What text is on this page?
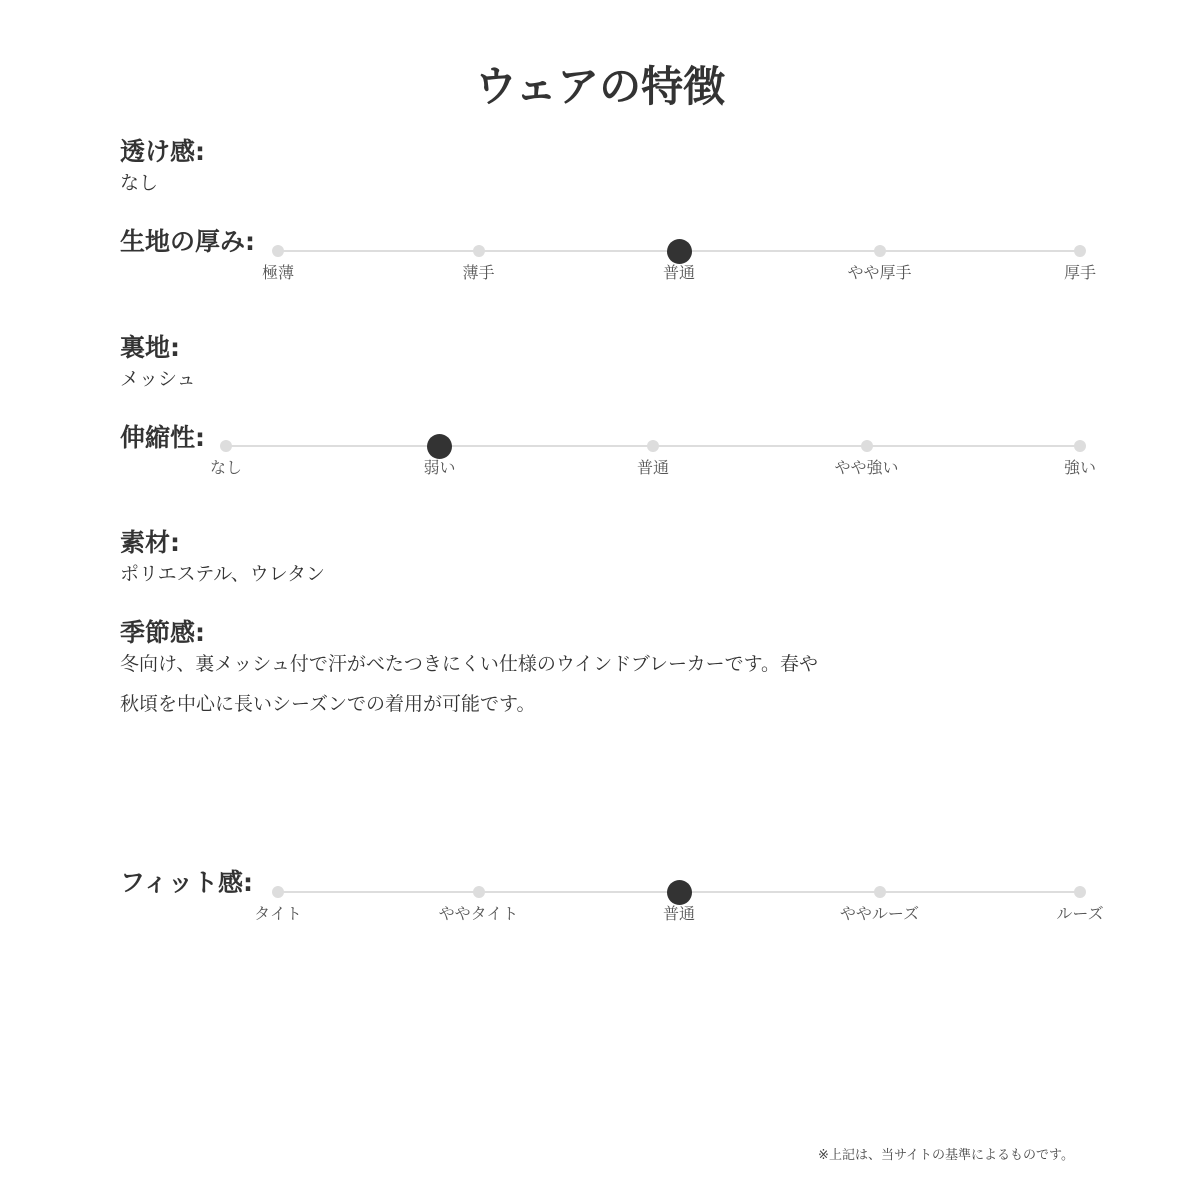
ウェアの特徴
透け感:
なし
生地の厚み:
極薄	薄手	普通	やや厚手	厚手
裏地:
メッシュ
伸縮性:
なし	弱い	普通	やや強い	強い
素材:
ポリエステル、ウレタン
季節感:
冬向け、裏メッシュ付で汗がべたつきにくい仕様のウインドブレーカーです。春や
秋頃を中心に長いシーズンでの着用が可能です。
フィット感:
タイト	ややタイト	普通	ややルーズ	ルーズ
※上記は、当サイトの基準によるものです。
